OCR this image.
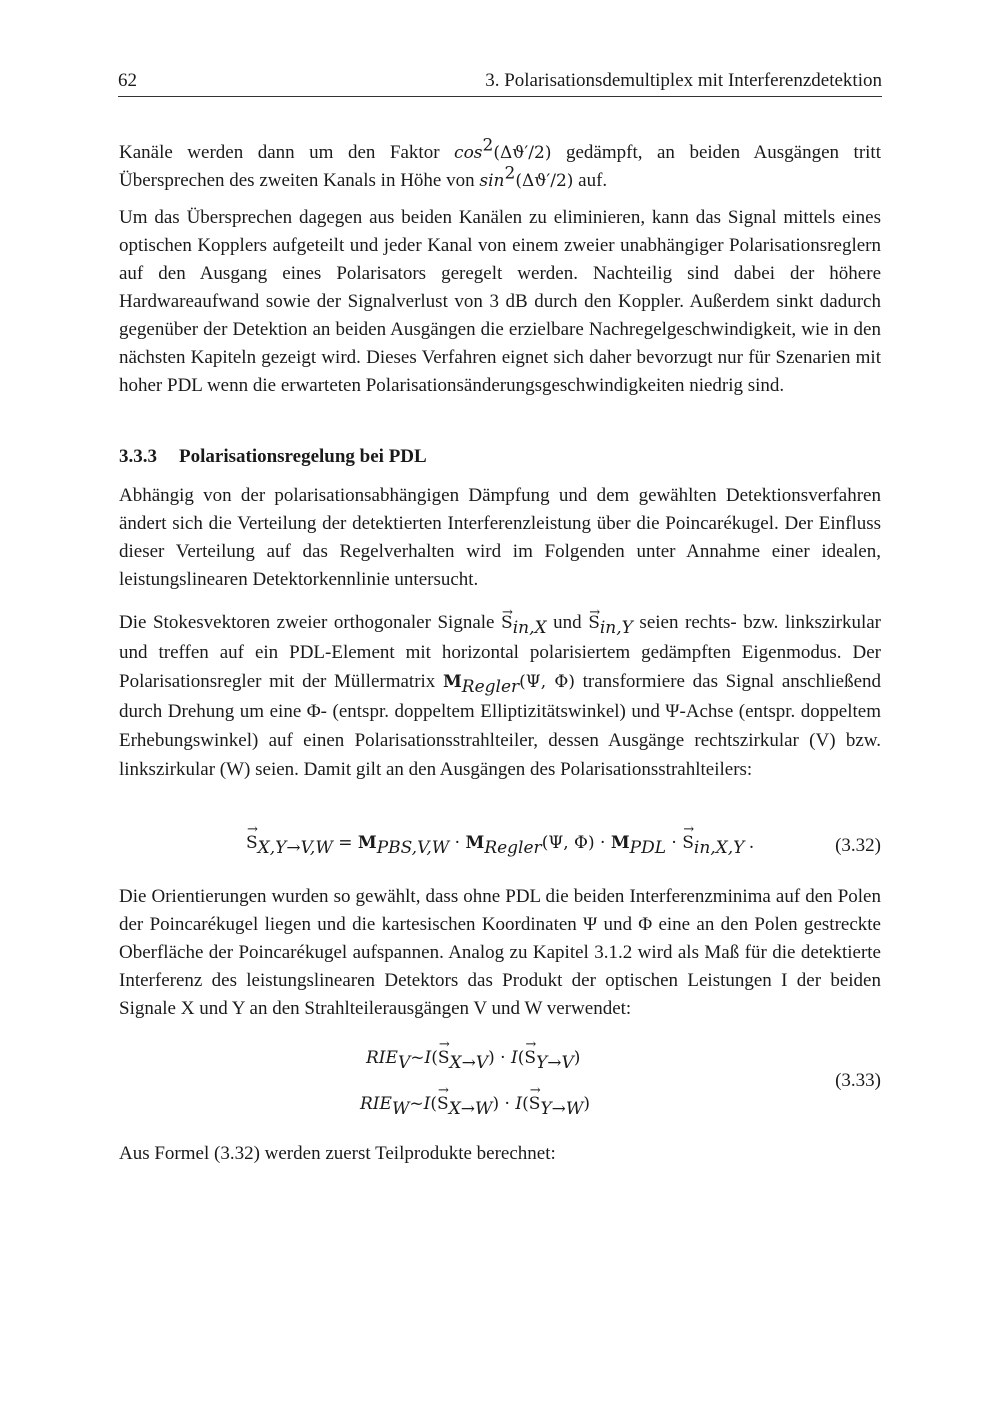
62	3. Polarisationsdemultiplex mit Interferenzdetektion

Kanäle werden dann um den Faktor $\cos^2(\Delta ϑ'/2)$ gedämpft, an beiden Ausgängen tritt Übersprechen des zweiten Kanals in Höhe von $\sin^2(\Delta ϑ'/2)$ auf.

Um das Übersprechen dagegen aus beiden Kanälen zu eliminieren, kann das Signal mittels eines optischen Kopplers aufgeteilt und jeder Kanal von einem zweier unabhängiger Polarisationsreglern auf den Ausgang eines Polarisators geregelt werden. Nachteilig sind dabei der höhere Hardwareaufwand sowie der Signalverlust von 3 dB durch den Koppler. Außerdem sinkt dadurch gegenüber der Detektion an beiden Ausgängen die erzielbare Nachregelgeschwindigkeit, wie in den nächsten Kapiteln gezeigt wird. Dieses Verfahren eignet sich daher bevorzugt nur für Szenarien mit hoher PDL wenn die erwarteten Polarisationsänderungsgeschwindigkeiten niedrig sind.

3.3.3 Polarisationsregelung bei PDL

Abhängig von der polarisationsabhängigen Dämpfung und dem gewählten Detektionsverfahren ändert sich die Verteilung der detektierten Interferenzleistung über die Poincarékugel. Der Einfluss dieser Verteilung auf das Regelverhalten wird im Folgenden unter Annahme einer idealen, leistungslinearen Detektorkennlinie untersucht.

Die Stokesvektoren zweier orthogonaler Signale → $S_{in,X}$ und → $S_{in,Y}$ seien rechts- bzw. linkszirkular und treffen auf ein PDL-Element mit horizontal polarisiertem gedämpften Eigenmodus. Der Polarisationsregler mit der Müllermatrix $M_{Regler}(\Psi$, Φ) transformiere das Signal anschließend durch Drehung um eine Φ- (entspr. doppeltem Elliptizitätswinkel) und Ψ-Achse (entspr. doppeltem Erhebungswinkel) auf einen Polarisationsstrahlteiler, dessen Ausgänge rechtszirkular (V) bzw. linkszirkular (W) seien. Damit gilt an den Ausgängen des Polarisationsstrahlteilers:

→ $S_{X,Y\to V,W} = M_{PBS,V,W} \cdot M_{Regler}(\Psi$, $\Phi) \cdot M_{PDL}$ · → $S_{in,X,Y}$ .	(3.32)

Die Orientierungen wurden so gewählt, dass ohne PDL die beiden Interferenzminima auf den Polen der Poincarékugel liegen und die kartesischen Koordinaten Ψ und Φ eine an den Polen gestreckte Oberfläche der Poincarékugel aufspannen. Analog zu Kapitel 3.1.2 wird als Maß für die detektierte Interferenz des leistungslinearen Detektors das Produkt der optischen Leistungen I der beiden Signale X und Y an den Strahlteilerausgängen V und W verwendet:

$RIE_V\sim I(\to S_{X\to V}) \cdot I(\to S_{Y\to V})$
$RIE_W\sim I(\to S_{X\to W}) \cdot I(\to S_{Y\to W})$
(3.33)

Aus Formel (3.32) werden zuerst Teilprodukte berechnet:
